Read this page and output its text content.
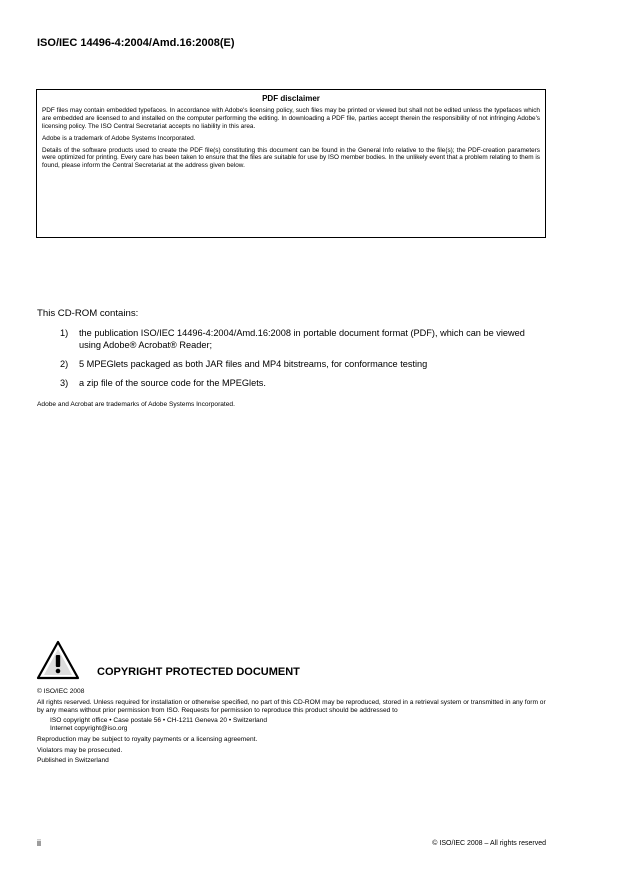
ISO/IEC 14496-4:2004/Amd.16:2008(E)
PDF disclaimer

PDF files may contain embedded typefaces. In accordance with Adobe's licensing policy, such files may be printed or viewed but shall not be edited unless the typefaces which are embedded are licensed to and installed on the computer performing the editing. In downloading a PDF file, parties accept therein the responsibility of not infringing Adobe's licensing policy. The ISO Central Secretariat accepts no liability in this area.

Adobe is a trademark of Adobe Systems Incorporated.

Details of the software products used to create the PDF file(s) constituting this document can be found in the General Info relative to the file(s); the PDF-creation parameters were optimized for printing. Every care has been taken to ensure that the files are suitable for use by ISO member bodies. In the unlikely event that a problem relating to them is found, please inform the Central Secretariat at the address given below.

This CD-ROM contains:
1) the publication ISO/IEC 14496-4:2004/Amd.16:2008 in portable document format (PDF), which can be viewed using Adobe® Acrobat® Reader;
2) 5 MPEGlets packaged as both JAR files and MP4 bitstreams, for conformance testing
3) a zip file of the source code for the MPEGlets.
Adobe and Acrobat are trademarks of Adobe Systems Incorporated.
COPYRIGHT PROTECTED DOCUMENT

© ISO/IEC 2008

All rights reserved. Unless required for installation or otherwise specified, no part of this CD-ROM may be reproduced, stored in a retrieval system or transmitted in any form or by any means without prior permission from ISO. Requests for permission to reproduce this product should be addressed to

ISO copyright office • Case postale 56 • CH-1211 Geneva 20 • Switzerland

Internet copyright@iso.org

Reproduction may be subject to royalty payments or a licensing agreement.

Violators may be prosecuted.

Published in Switzerland

ii	© ISO/IEC 2008 – All rights reserved
